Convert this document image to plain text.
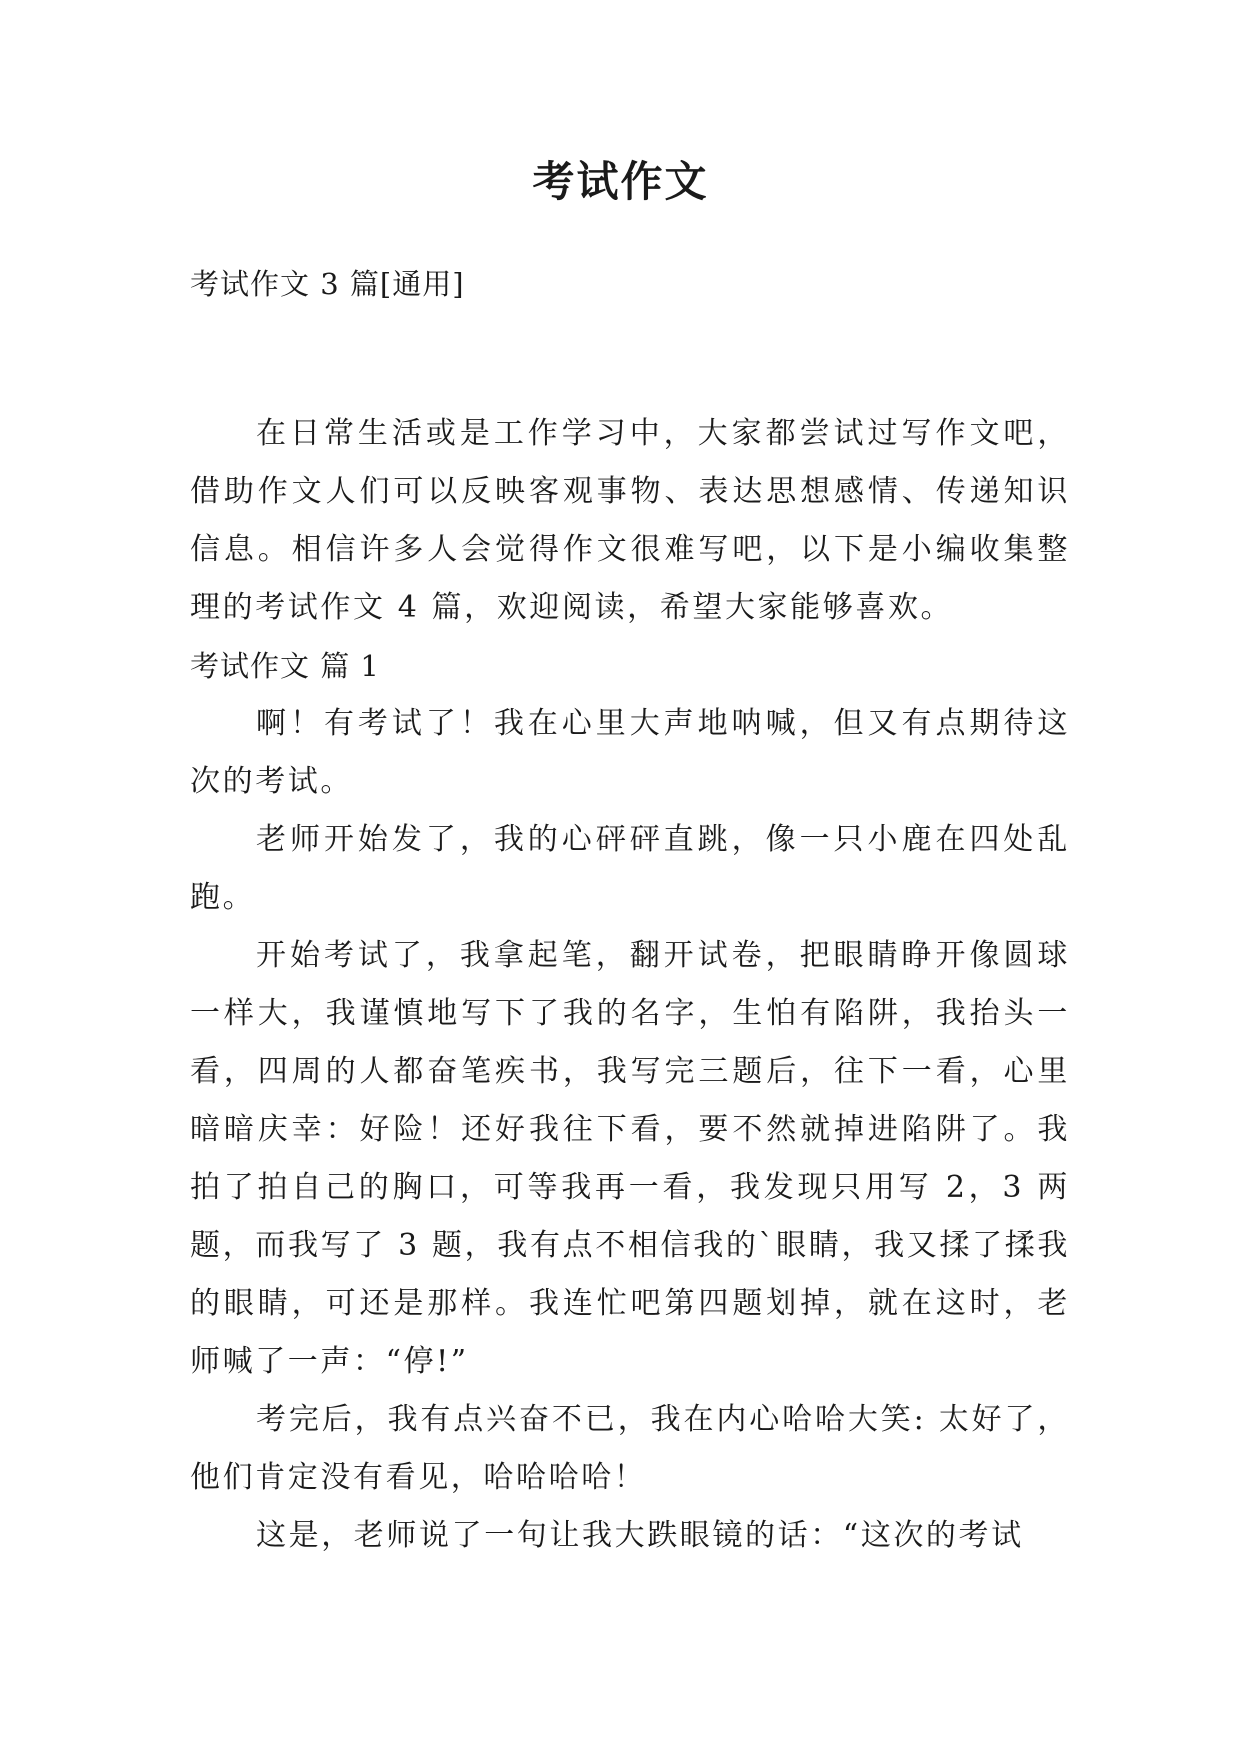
考试作文

考试作文 3 篇[通用]

在日常生活或是工作学习中，大家都尝试过写作文吧，借助作文人们可以反映客观事物、表达思想感情、传递知识信息。相信许多人会觉得作文很难写吧，以下是小编收集整理的考试作文 4 篇，欢迎阅读，希望大家能够喜欢。

考试作文 篇 1

啊！有考试了！我在心里大声地呐喊，但又有点期待这次的考试。

老师开始发了，我的心砰砰直跳，像一只小鹿在四处乱跑。

开始考试了，我拿起笔，翻开试卷，把眼睛睁开像圆球一样大，我谨慎地写下了我的名字，生怕有陷阱，我抬头一看，四周的人都奋笔疾书，我写完三题后，往下一看，心里暗暗庆幸：好险！还好我往下看，要不然就掉进陷阱了。我拍了拍自己的胸口，可等我再一看，我发现只用写 2，3 两题，而我写了 3 题，我有点不相信我的`眼睛，我又揉了揉我的眼睛，可还是那样。我连忙吧第四题划掉，就在这时，老师喊了一声：“停!”

考完后，我有点兴奋不已，我在内心哈哈大笑: 太好了，他们肯定没有看见，哈哈哈哈！

这是，老师说了一句让我大跌眼镜的话：“这次的考试
